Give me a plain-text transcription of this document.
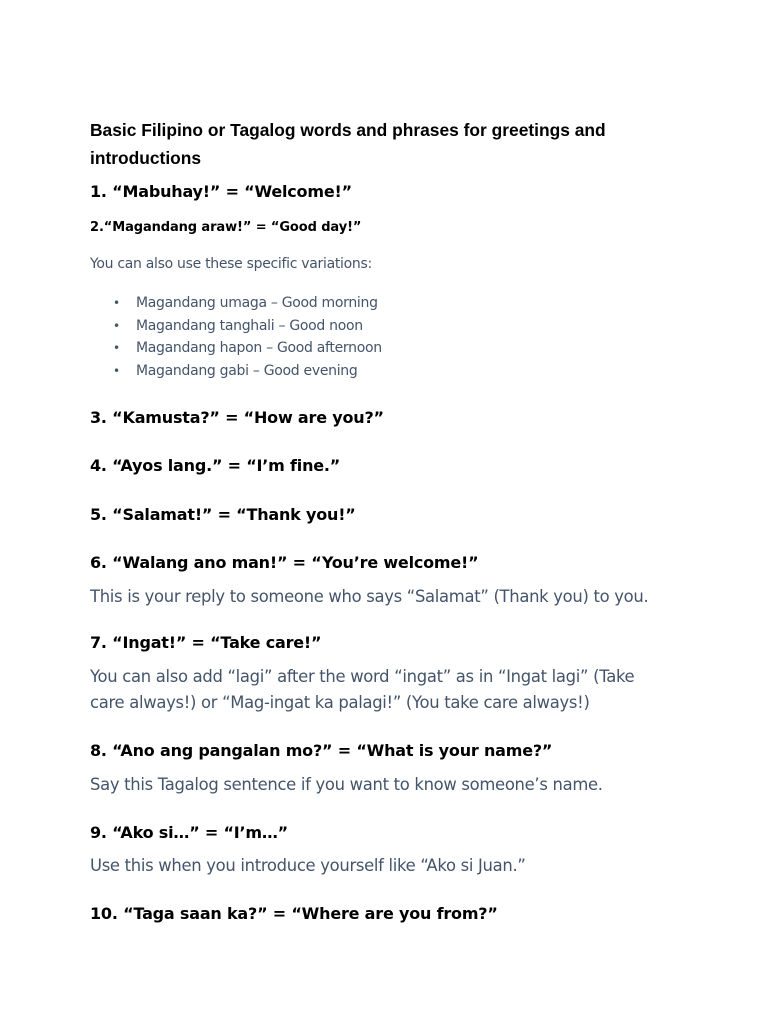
Basic Filipino or Tagalog words and phrases for greetings and introductions
1. “Mabuhay!” = “Welcome!”
2.“Magandang araw!” = “Good day!”
You can also use these specific variations:
• Magandang umaga – Good morning
• Magandang tanghali – Good noon
• Magandang hapon – Good afternoon
• Magandang gabi – Good evening
3. “Kamusta?” = “How are you?”
4. “Ayos lang.” = “I’m fine.”
5. “Salamat!” = “Thank you!”
6. “Walang ano man!” = “You’re welcome!”
This is your reply to someone who says “Salamat” (Thank you) to you.
7. “Ingat!” = “Take care!”
You can also add “lagi” after the word “ingat” as in “Ingat lagi” (Take care always!) or “Mag-ingat ka palagi!” (You take care always!)
8. “Ano ang pangalan mo?” = “What is your name?”
Say this Tagalog sentence if you want to know someone’s name.
9. “Ako si…” = “I’m…”
Use this when you introduce yourself like “Ako si Juan.”
10. “Taga saan ka?” = “Where are you from?”
